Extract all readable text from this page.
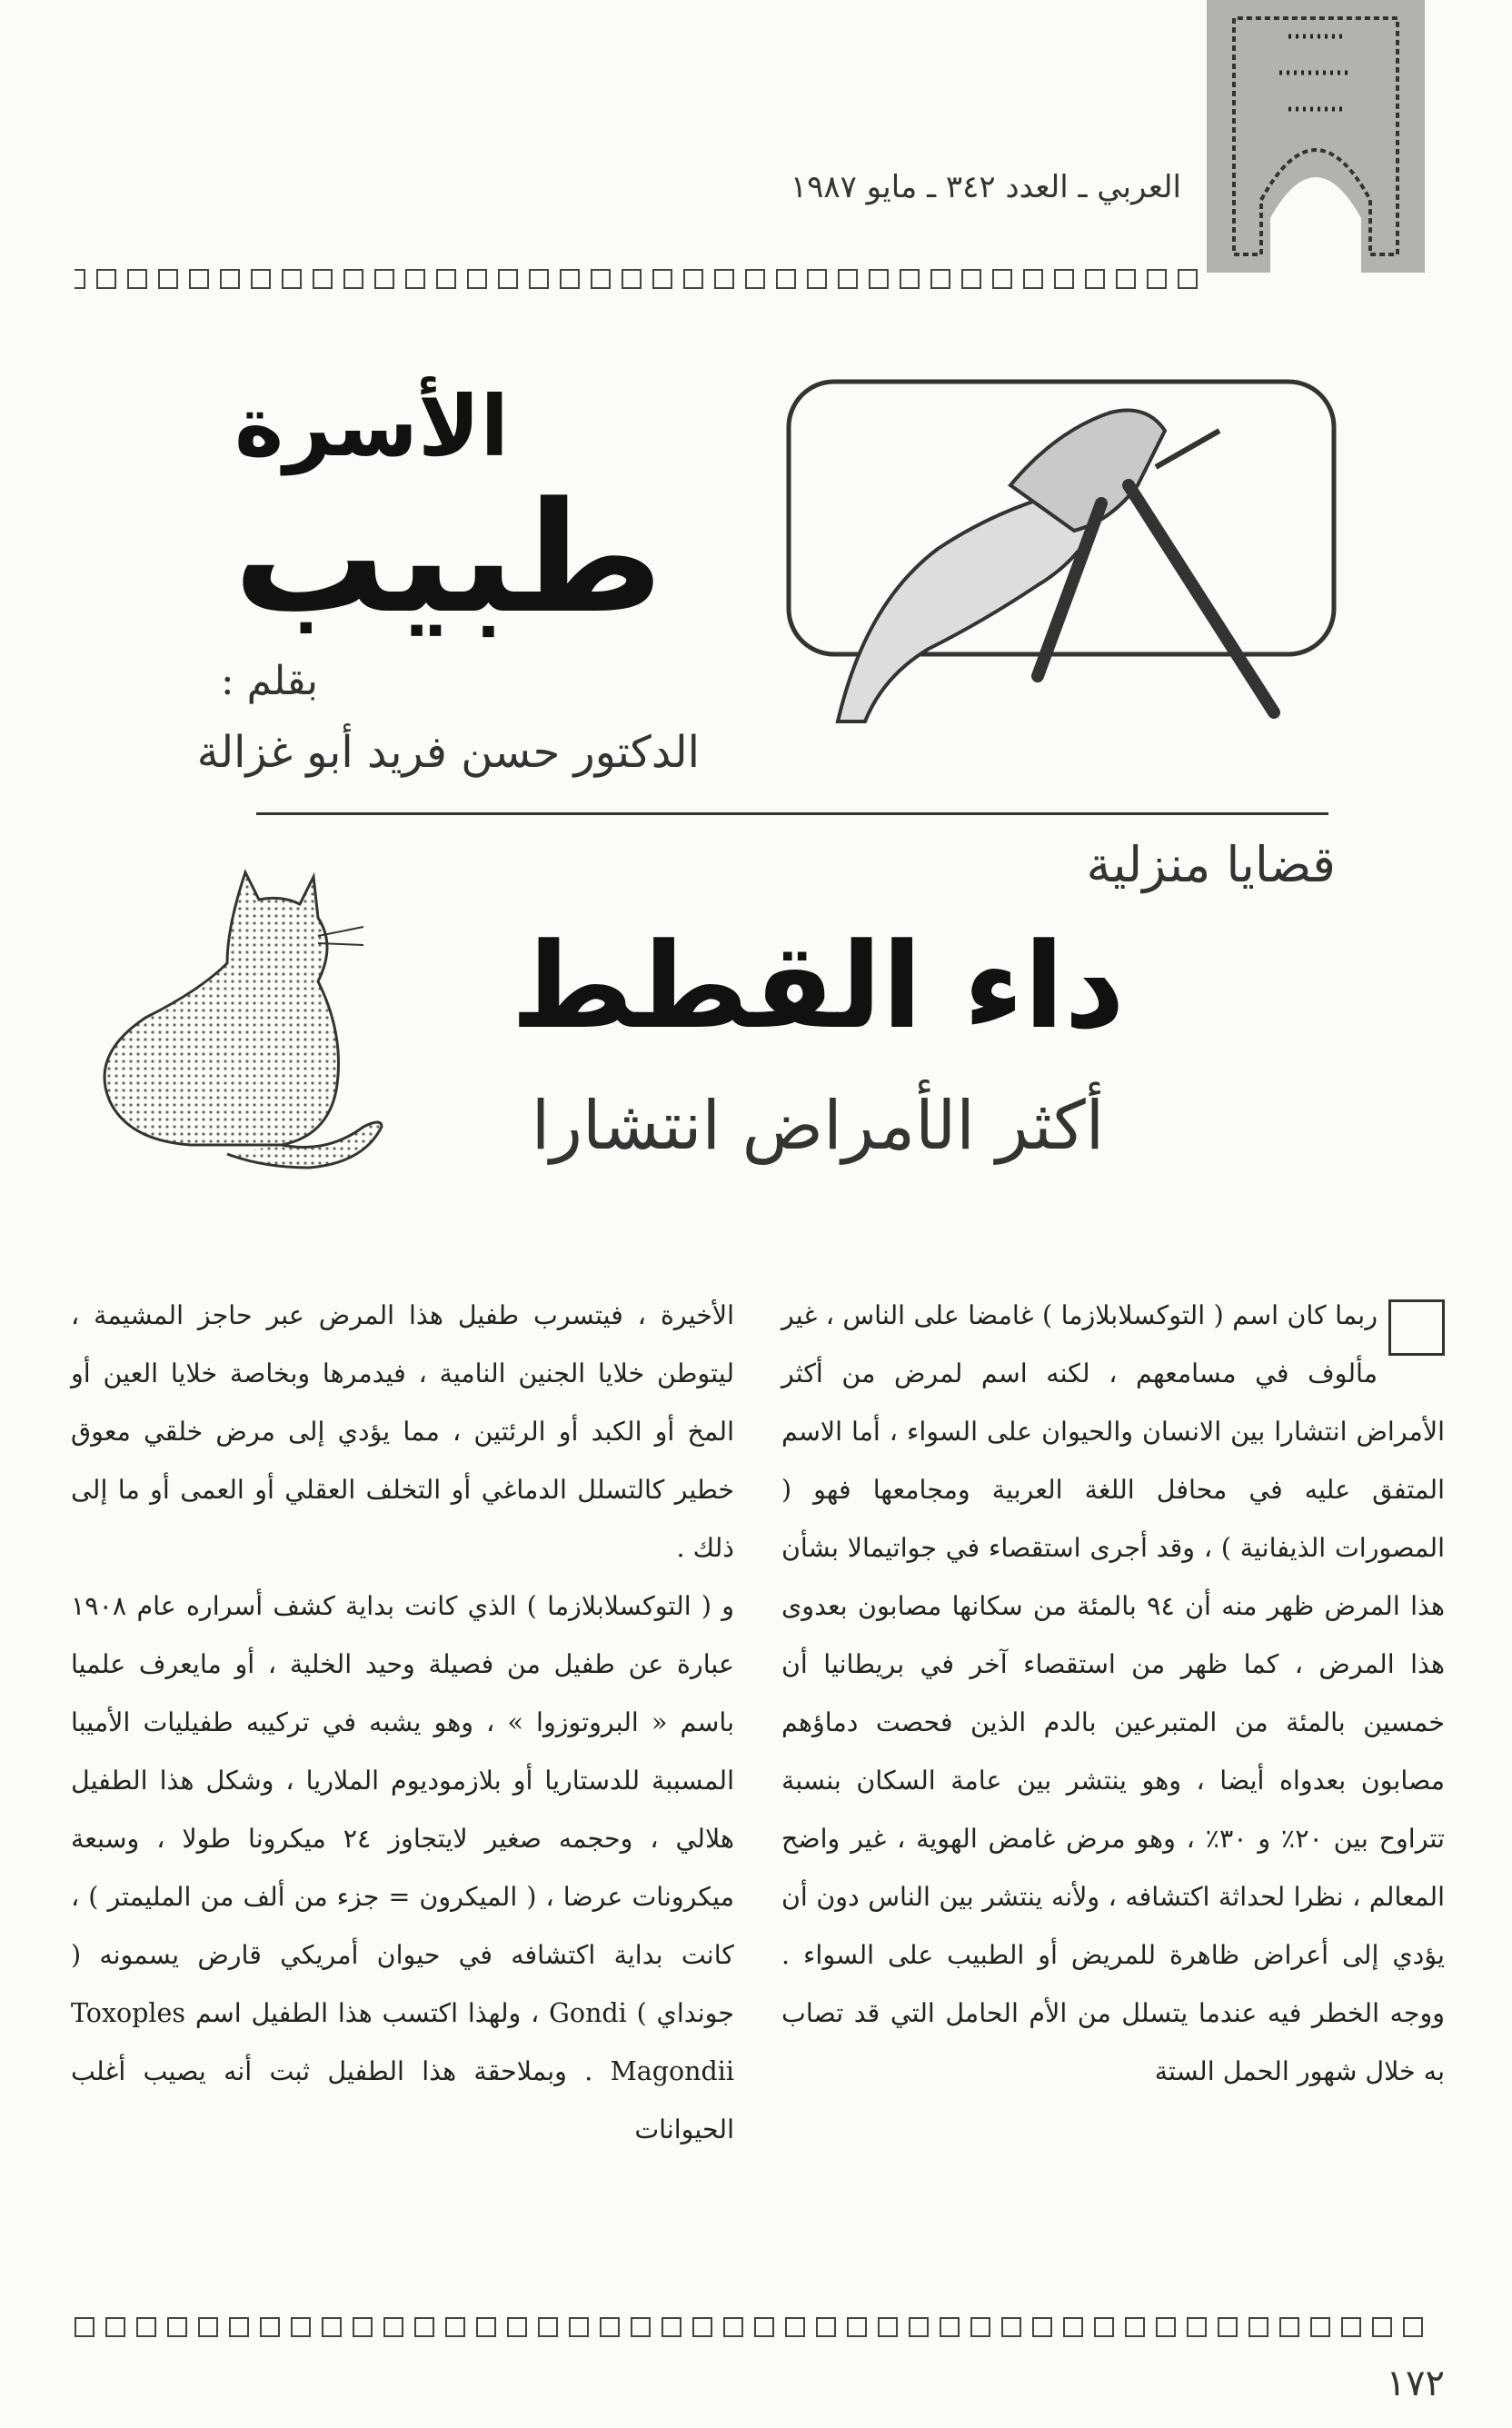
العربي ـ العدد ٣٤٢ ـ مايو ١٩٨٧
الأسرة
طبيب
بقلم :
الدكتور حسن فريد أبو غزالة
قضايا منزلية
داء القطط
أكثر الأمراض انتشارا

ربما كان اسم ( التوكسلابلازما ) غامضا على الناس ، غير مألوف في مسامعهم ، لكنه اسم لمرض من أكثر الأمراض انتشارا بين الانسان والحيوان على السواء ، أما الاسم المتفق عليه في محافل اللغة العربية ومجامعها فهو ( المصورات الذيفانية ) ، وقد أجرى استقصاء في جواتيمالا بشأن هذا المرض ظهر منه أن ٩٤ بالمئة من سكانها مصابون بعدوى هذا المرض ، كما ظهر من استقصاء آخر في بريطانيا أن خمسين بالمئة من المتبرعين بالدم الذين فحصت دماؤهم مصابون بعدواه أيضا ، وهو ينتشر بين عامة السكان بنسبة تتراوح بين ٢٠٪ و ٣٠٪ ، وهو مرض غامض الهوية ، غير واضح المعالم ، نظرا لحداثة اكتشافه ، ولأنه ينتشر بين الناس دون أن يؤدي إلى أعراض ظاهرة للمريض أو الطبيب على السواء . ووجه الخطر فيه عندما يتسلل من الأم الحامل التي قد تصاب به خلال شهور الحمل الستة

الأخيرة ، فيتسرب طفيل هذا المرض عبر حاجز المشيمة ، ليتوطن خلايا الجنين النامية ، فيدمرها وبخاصة خلايا العين أو المخ أو الكبد أو الرئتين ، مما يؤدي إلى مرض خلقي معوق خطير كالتسلل الدماغي أو التخلف العقلي أو العمى أو ما إلى ذلك .

و ( التوكسلابلازما ) الذي كانت بداية كشف أسراره عام ١٩٠٨ عبارة عن طفيل من فصيلة وحيد الخلية ، أو مايعرف علميا باسم « البروتوزوا » ، وهو يشبه في تركيبه طفيليات الأميبا المسببة للدستاريا أو بلازموديوم الملاريا ، وشكل هذا الطفيل هلالي ، وحجمه صغير لايتجاوز ٢٤ ميكرونا طولا ، وسبعة ميكرونات عرضا ، ( الميكرون = جزء من ألف من المليمتر ) ، كانت بداية اكتشافه في حيوان أمريكي قارض يسمونه ( جونداي ) Gondi ، ولهذا اكتسب هذا الطفيل اسم Toxoples Magondii . وبملاحقة هذا الطفيل ثبت أنه يصيب أغلب الحيوانات

١٧٢
